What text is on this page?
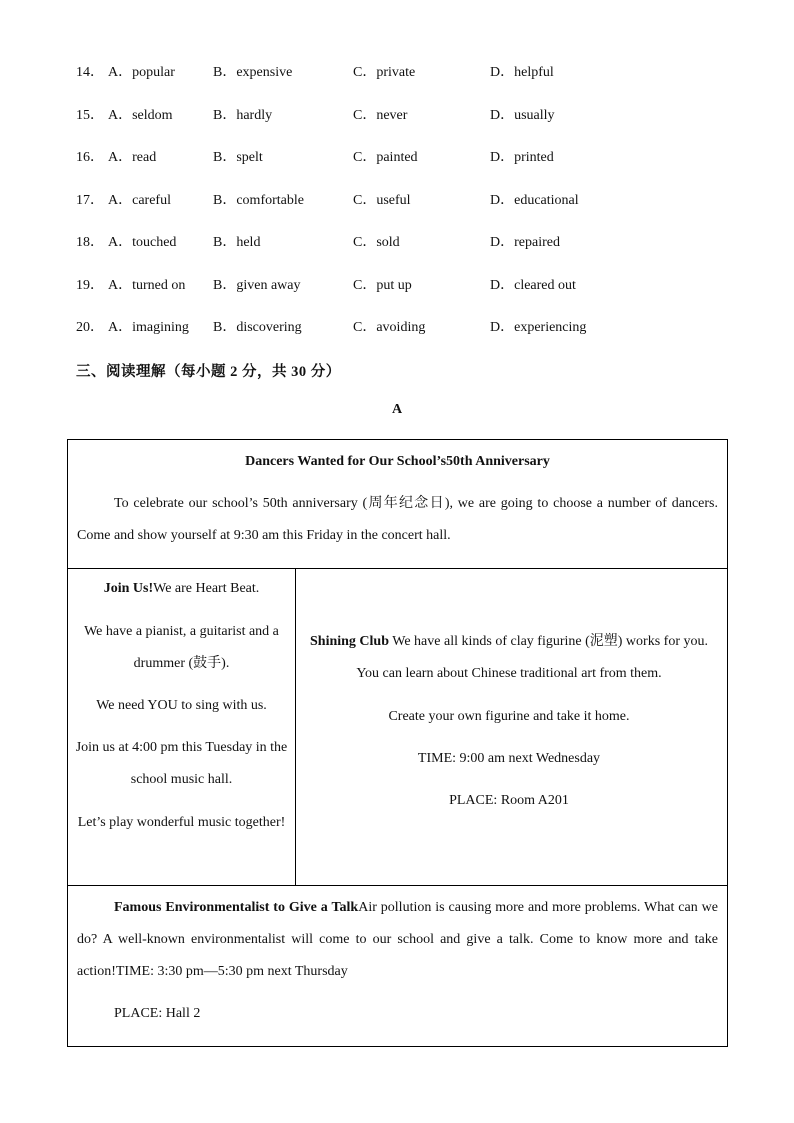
14． A．popular	B．expensive	C．private	D．helpful
15． A．seldom	B．hardly	C．never	D．usually
16． A．read	B．spelt	C．painted	D．printed
17． A．careful	B．comfortable	C．useful	D．educational
18． A．touched	B．held	C．sold	D．repaired
19． A．turned on B．given away	C．put up	D．cleared out
20． A．imagining B．discovering	C．avoiding	D．experiencing
三、阅读理解（每小题 2 分，共 30 分）
A
Dancers Wanted for Our School’s50th Anniversary
To celebrate our school’s 50th anniversary (周年纪念日), we are going to choose a number of dancers. Come and show yourself at 9:30 am this Friday in the concert hall.
Join Us!We are Heart Beat.
We have a pianist, a guitarist and a drummer (鼓手).
We need YOU to sing with us.
Join us at 4:00 pm this Tuesday in the school music hall.
Let’s play wonderful music together!
Shining Club We have all kinds of clay figurine (泥塑) works for you. You can learn about Chinese traditional art from them.
Create your own figurine and take it home.
TIME: 9:00 am next Wednesday
PLACE: Room A201
Famous Environmentalist to Give a TalkAir pollution is causing more and more problems. What can we do? A well-known environmentalist will come to our school and give a talk. Come to know more and take action!TIME: 3:30 pm—5:30 pm next Thursday
PLACE: Hall 2
